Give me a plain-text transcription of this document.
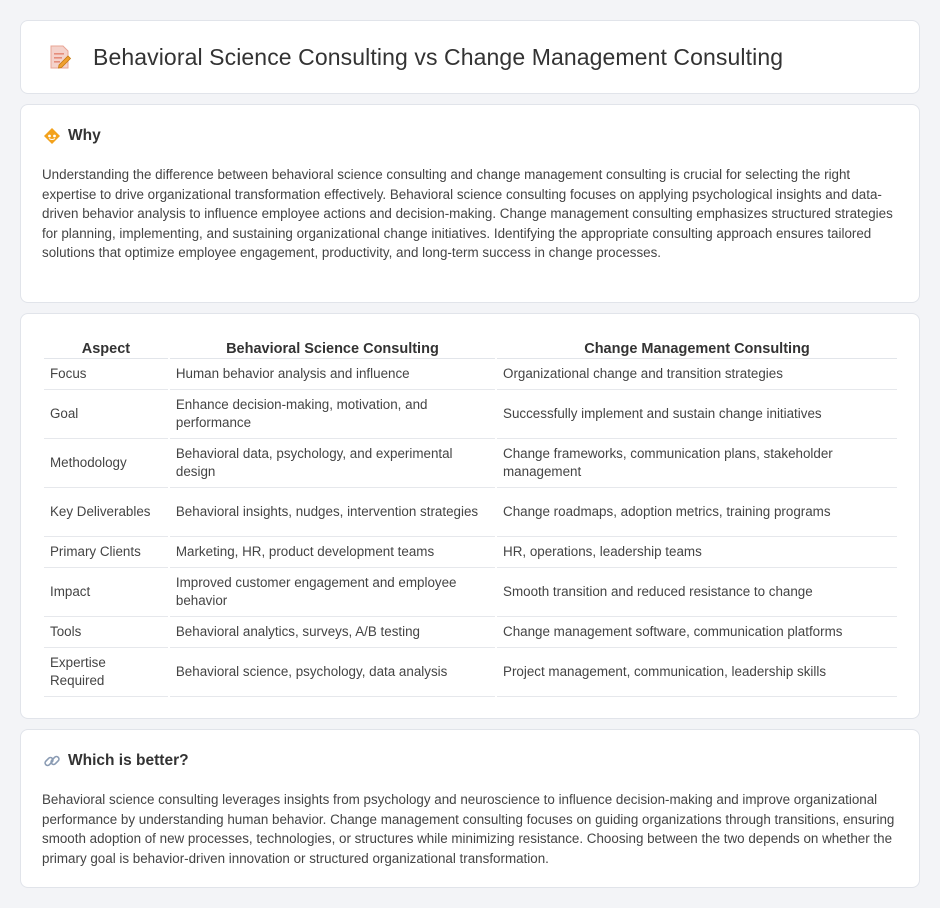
Behavioral Science Consulting vs Change Management Consulting
Why

Understanding the difference between behavioral science consulting and change management consulting is crucial for selecting the right expertise to drive organizational transformation effectively. Behavioral science consulting focuses on applying psychological insights and data-driven behavior analysis to influence employee actions and decision-making. Change management consulting emphasizes structured strategies for planning, implementing, and sustaining organizational change initiatives. Identifying the appropriate consulting approach ensures tailored solutions that optimize employee engagement, productivity, and long-term success in change processes.

Aspect	Behavioral Science Consulting	Change Management Consulting
Focus	Human behavior analysis and influence	Organizational change and transition strategies
Goal	Enhance decision-making, motivation, and performance	Successfully implement and sustain change initiatives
Methodology	Behavioral data, psychology, and experimental design	Change frameworks, communication plans, stakeholder management
Key Deliverables	Behavioral insights, nudges, intervention strategies	Change roadmaps, adoption metrics, training programs
Primary Clients	Marketing, HR, product development teams	HR, operations, leadership teams
Impact	Improved customer engagement and employee behavior	Smooth transition and reduced resistance to change
Tools	Behavioral analytics, surveys, A/B testing	Change management software, communication platforms
Expertise Required	Behavioral science, psychology, data analysis	Project management, communication, leadership skills
Which is better?

Behavioral science consulting leverages insights from psychology and neuroscience to influence decision-making and improve organizational performance by understanding human behavior. Change management consulting focuses on guiding organizations through transitions, ensuring smooth adoption of new processes, technologies, or structures while minimizing resistance. Choosing between the two depends on whether the primary goal is behavior-driven innovation or structured organizational transformation.
